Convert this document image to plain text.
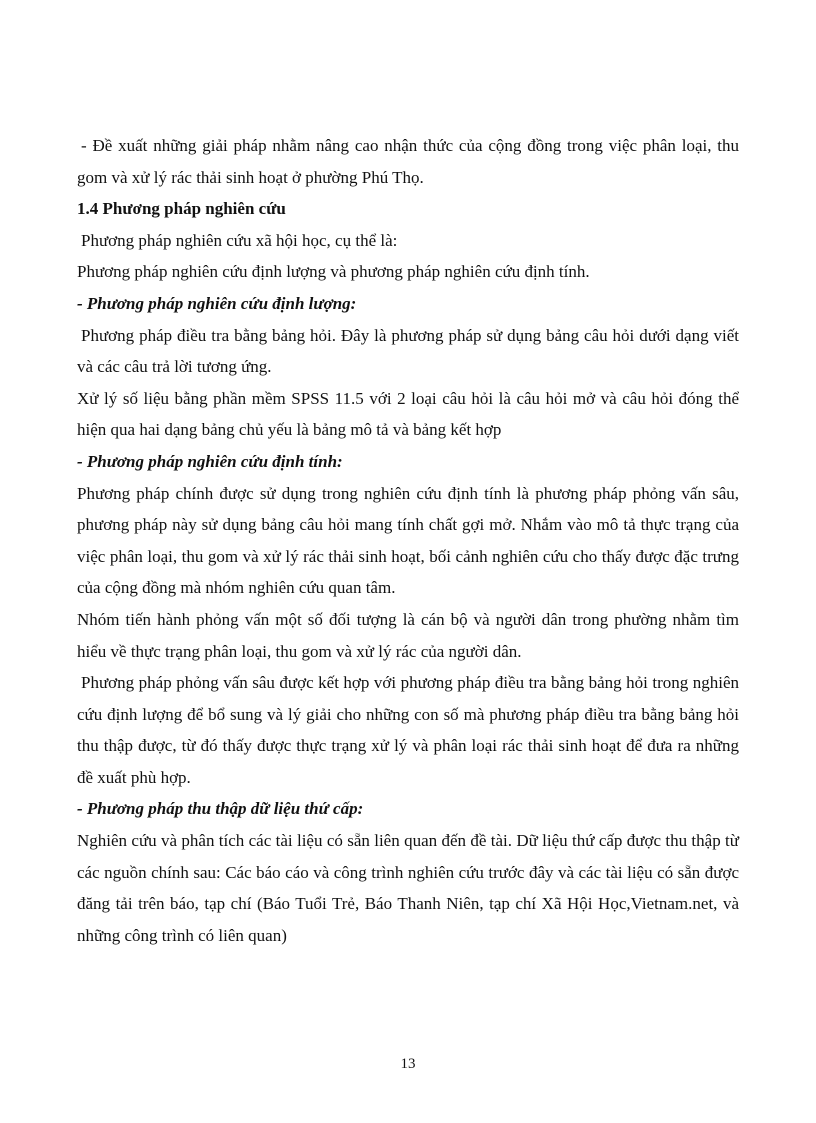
- Đề xuất những giải pháp nhằm nâng cao nhận thức của cộng đồng trong việc phân loại, thu gom và xử lý rác thải sinh hoạt ở phường Phú Thọ.

1.4 Phương pháp nghiên cứu

Phương pháp nghiên cứu xã hội học, cụ thể là:

Phương pháp nghiên cứu định lượng và phương pháp nghiên cứu định tính.

- Phương pháp nghiên cứu định lượng:

Phương pháp điều tra bằng bảng hỏi. Đây là phương pháp sử dụng bảng câu hỏi dưới dạng viết và các câu trả lời tương ứng.

Xử lý số liệu bằng phần mềm SPSS 11.5 với 2 loại câu hỏi là câu hỏi mở và câu hỏi đóng thể hiện qua hai dạng bảng chủ yếu là bảng mô tả và bảng kết hợp

- Phương pháp nghiên cứu định tính:

Phương pháp chính được sử dụng trong nghiên cứu định tính là phương pháp phỏng vấn sâu, phương pháp này sử dụng bảng câu hỏi mang tính chất gợi mở. Nhắm vào mô tả thực trạng của việc phân loại, thu gom và xử lý rác thải sinh hoạt, bối cảnh nghiên cứu cho thấy được đặc trưng của cộng đồng mà nhóm nghiên cứu quan tâm.

Nhóm tiến hành phỏng vấn một số đối tượng là cán bộ và người dân trong phường nhằm tìm hiểu về thực trạng phân loại, thu gom và xử lý rác của người dân.

Phương pháp phỏng vấn sâu được kết hợp với phương pháp điều tra bằng bảng hỏi trong nghiên cứu định lượng để bổ sung và lý giải cho những con số mà phương pháp điều tra bằng bảng hỏi thu thập được, từ đó thấy được thực trạng xử lý và phân loại rác thải sinh hoạt để đưa ra những đề xuất phù hợp.

- Phương pháp thu thập dữ liệu thứ cấp:

Nghiên cứu và phân tích các tài liệu có sẵn liên quan đến đề tài. Dữ liệu thứ cấp được thu thập từ các nguồn chính sau: Các báo cáo và công trình nghiên cứu trước đây và các tài liệu có sẵn được đăng tải trên báo, tạp chí (Báo Tuổi Trẻ, Báo Thanh Niên, tạp chí Xã Hội Học,Vietnam.net, và những công trình có liên quan)

13
